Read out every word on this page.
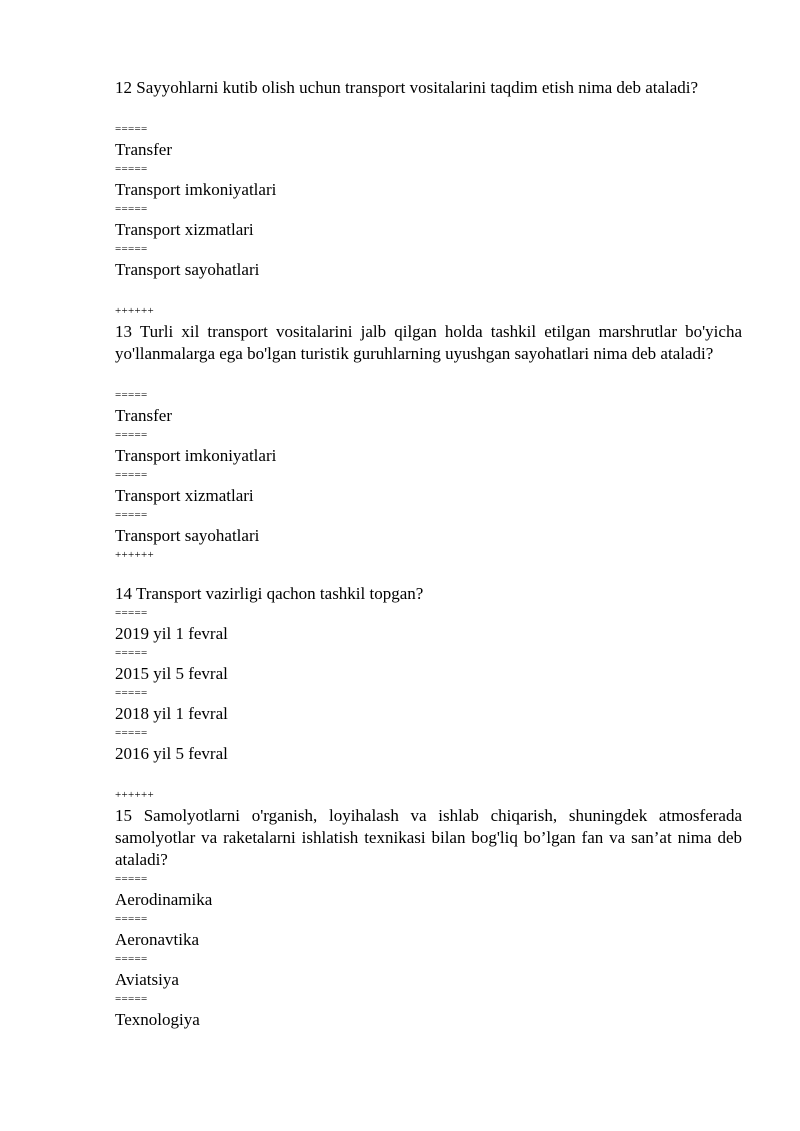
12 Sayyohlarni kutib olish uchun transport vositalarini taqdim etish nima deb ataladi?
=====
Transfer
=====
Transport imkoniyatlari
=====
Transport xizmatlari
=====
Transport sayohatlari
++++++
13 Turli xil transport vositalarini jalb qilgan holda tashkil etilgan marshrutlar bo'yicha yo'llanmalarga ega bo'lgan turistik guruhlarning uyushgan sayohatlari nima deb ataladi?
=====
Transfer
=====
Transport imkoniyatlari
=====
Transport xizmatlari
=====
Transport sayohatlari
++++++
14 Transport vazirligi qachon tashkil topgan?
=====
2019 yil 1 fevral
=====
2015 yil 5 fevral
=====
2018 yil 1 fevral
=====
2016 yil 5 fevral
++++++
15 Samolyotlarni o'rganish, loyihalash va ishlab chiqarish, shuningdek atmosferada samolyotlar va raketalarni ishlatish texnikasi bilan bog'liq bo’lgan fan va san’at nima deb ataladi?
=====
Aerodinamika
=====
Aeronavtika
=====
Aviatsiya
=====
Texnologiya
